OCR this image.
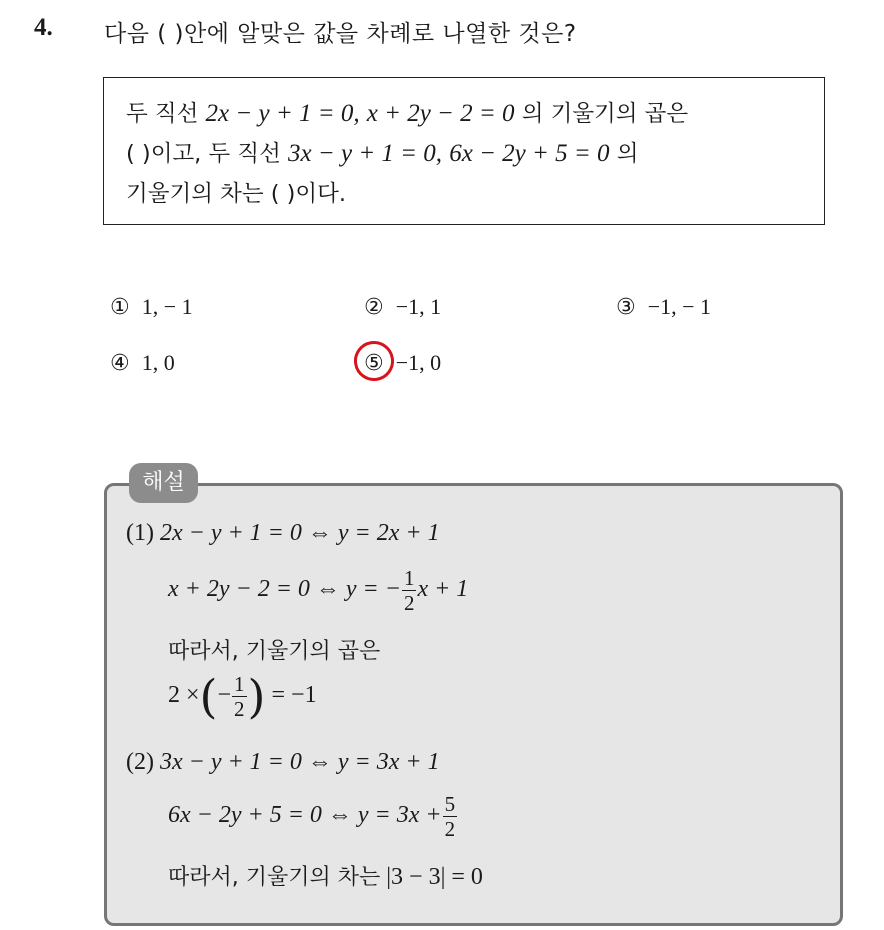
4. 다음 ( )안에 알맞은 값을 차례로 나열한 것은?
두 직선 2x − y + 1 = 0, x + 2y − 2 = 0 의 기울기의 곱은
( )이고, 두 직선 3x − y + 1 = 0, 6x − 2y + 5 = 0 의
기울기의 차는 ( )이다.
① 1, − 1	② −1, 1	③ −1, − 1
④ 1, 0	⑤ −1, 0
해설
(1) 2x − y + 1 = 0 ⇔ y = 2x + 1
x + 2y − 2 = 0 ⇔ y = − $\frac{1}{2}$ x + 1
따라서, 기울기의 곱은
2 ×(− $\frac{1}{2}$ ) = −1
(2) 3x − y + 1 = 0 ⇔ y = 3x + 1
6x − 2y + 5 = 0 ⇔ $y = 3x + \frac{5}{2}$
따라서, 기울기의 차는 |3 − 3| = 0
